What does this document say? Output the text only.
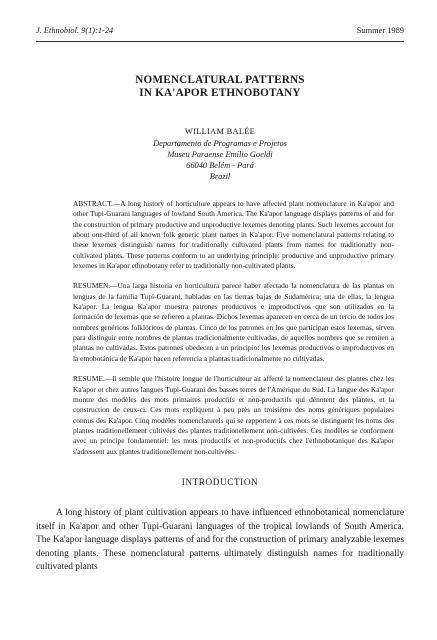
J. Ethnobiol. 9(1):1-24	Summer 1989
NOMENCLATURAL PATTERNS
IN KA'APOR ETHNOBOTANY
WILLIAM BALÉE
Departamento de Programas e Projetos
Museu Paraense Emílio Goeldi
66040 Belém - Pará
Brazil

ABSTRACT.—A long history of horticulture appears to have affected plant nomenclature in Ka'apor and other Tupi-Guarani languages of lowland South America. The Ka'apor language displays patterns of and for the construction of primary productive and unproductive lexemes denoting plants. Such lexemes account for about one-third of all known folk generic plant names in Ka'apor. Five nomenclatural patterns relating to these lexemes distinguish names for traditionally cultivated plants from names for traditionally non-cultivated plants. These patterns conform to an underlying principle: productive and unproductive primary lexemes in Ka'apor ethnobotany refer to traditionally non-cultivated plants.

RESUMEN.—Una larga historia en horticultura parece haber afectado la nomenclatura de las plantas en lenguas de la familia Tupí-Guaraní, habladas en las tierras bajas de Sudamérica; una de ellas, la lengua Ka'apor. La lengua Ka'apor muestra patrones productivos e improductivos que son utilizados en la formación de lexemas que se refieren a plantas. Dichos lexemas aparecen en cerca de un tercio de todos los nombres genéricos folklóricos de plantas. Cinco de los patrones en los que participan estos lexemas, sirven para distinguir entre nombres de plantas tradicionalmente cultivadas, de aquellos nombres que se remiten a plantas no cultivadas. Estos patrones obedecen a un principio: los lexemas productivos o improductivos en la etnobotánica de Ka'apor hacen referencia a plantas tradicionalmente no cultivadas.

RESUME.—Il semble que l'histoire longue de l'horticulteur ait affecté la nomenclateur des plantes chez les Ka'apor et chez autres langues Tupi-Guarani des basses terres de l'Amérique du Sud. La langue des Ka'apor montre des modèles des mots primaires productifs et non-productifs qui dénotent des plantes, et la construction de ceux-ci. Ces mots expliquent à peu près un troisième des noms génériques populaires connus des Ka'apor. Cinq modèles nomenclaturels qui se rapportent à ces mots se distinguent les noms des plantes traditionellement cultivées des plantes traditionellement non-cultivées. Ces modèles se conforment avec un principe fondamentiel: les mots productifs et non-productifs chez l'ethnobotanique des Ka'apor s'adressent aux plantes traditionellement non-cultivées.

INTRODUCTION

A long history of plant cultivation appears to have influenced ethnobotanical nomenclature itself in Ka'apor and other Tupi-Guarani languages of the tropical lowlands of South America. The Ka'apor language displays patterns of and for the construction of primary analyzable lexemes denoting plants. These nomenclatural patterns ultimately distinguish names for traditionally cultivated plants
